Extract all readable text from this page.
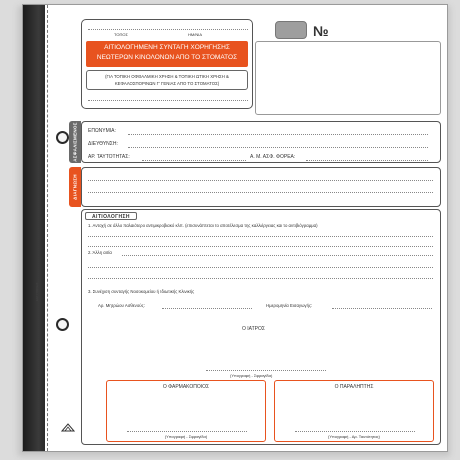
ΕΚΤΥΠΩΣΕΙΣ
ΤΟΠΟΣ	ΗΜ/ΝΙΑ
ΑΙΤΙΟΛΟΓΗΜΕΝΗ ΣΥΝΤΑΓΗ ΧΟΡΗΓΗΣΗΣ
ΝΕΩΤΕΡΩΝ ΚΙΝΟΛΟΝΩΝ ΑΠΟ ΤΟ ΣΤΟΜΑΤΟΣ
(ΓΙΑ ΤΟΠΙΚΗ ΟΦΘΑΛΜΙΚΗ ΧΡΗΣΗ & ΤΟΠΙΚΗ ΩΤΙΚΗ ΧΡΗΣΗ &
ΚΕΦΑΛΟΣΠΟΡΙΝΩΝ Γ' ΓΕΝΙΑΣ ΑΠΟ ΤΟ ΣΤΟΜΑΤΟΣ)
№
ΑΣΦΑΛΙΣΜΕΝΟΣ ΕΠΩΝΥΜΙΑ:
ΔΙΕΥΘΥΝΣΗ:
ΑΡ. ΤΑΥΤΟΤΗΤΑΣ:	Α. Μ. ΑΣΦ. ΦΟΡΕΑ:
ΔΙΑΓΝΩΣΗ
ΑΙΤΙΟΛΟΓΗΣΗ
1. Αντοχή σε άλλο παλαιότερο αντιμικροβιακό κλπ. (επισυνάπτεται το αποτέλεσμα της καλλιέργειας και το αντιβιόγραμμα)
2. Άλλη αιτία
3. Συνέχιση συνταγής Νοσοκομείου ή Ιδιωτικής Κλινικής
Αρ. Μητρώου Ασθενούς:	Ημερομηνία Εισαγωγής:
Ο ΙΑΤΡΟΣ
(Υπογραφή - Σφραγίδα)
Ο ΦΑΡΜΑΚΟΠΟΙΟΣ
(Υπογραφή - Σφραγίδα)
Ο ΠΑΡΑΛΗΠΤΗΣ
(Υπογραφή - Αρ. Ταυτότητας)
